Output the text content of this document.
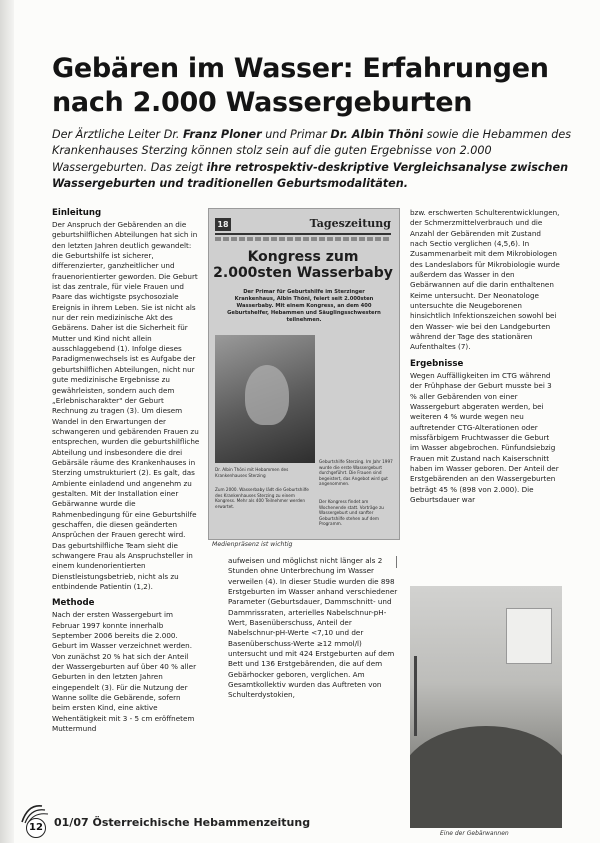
Gebären im Wasser: Erfahrungen nach 2.000 Wassergeburten

Der Ärztliche Leiter Dr. Franz Ploner und Primar Dr. Albin Thöni sowie die Hebammen des Krankenhauses Sterzing können stolz sein auf die guten Ergebnisse von 2.000 Wassergeburten. Das zeigt ihre retrospektiv-deskriptive Vergleichsanalyse zwischen Wassergeburten und traditionellen Geburtsmodalitäten.

Einleitung

Der Anspruch der Gebärenden an die geburtshilflichen Abteilungen hat sich in den letzten Jahren deutlich gewandelt: die Geburtshilfe ist sicherer, differenzierter, ganzheitlicher und frauenorientierter geworden. Die Geburt ist das zentrale, für viele Frauen und Paare das wichtigste psychosoziale Ereignis in ihrem Leben. Sie ist nicht als nur der rein medizinische Akt des Gebärens. Daher ist die Sicherheit für Mutter und Kind nicht allein ausschlaggebend (1). Infolge dieses Paradigmenwechsels ist es Aufgabe der geburtshilflichen Abteilungen, nicht nur gute medizinische Ergebnisse zu gewährleisten, sondern auch dem „Erlebnischarakter" der Geburt Rechnung zu tragen (3). Um diesem Wandel in den Erwartungen der schwangeren und gebärenden Frauen zu entsprechen, wurden die geburtshilfliche Abteilung und insbesondere die drei Gebärsäle räume des Krankenhauses in Sterzing umstrukturiert (2). Es galt, das Ambiente einladend und angenehm zu gestalten. Mit der Installation einer Gebärwanne wurde die Rahmenbedingung für eine Geburtshilfe geschaffen, die diesen geänderten Ansprüchen der Frauen gerecht wird. Das geburtshilfliche Team sieht die schwangere Frau als Anspruchsteller in einem kundenorientierten Dienstleistungsbetrieb, nicht als zu entbindende Patientin (1,2).

Methode

Nach der ersten Wassergeburt im Februar 1997 konnte innerhalb September 2006 bereits die 2.000. Geburt im Wasser verzeichnet werden. Von zunächst 20 % hat sich der Anteil der Wassergeburten auf über 40 % aller Geburten in den letzten Jahren eingependelt (3). Für die Nutzung der Wanne sollte die Gebärende, sofern beim ersten Kind, eine aktive Wehentätigkeit mit 3 - 5 cm eröffnetem Muttermund

18	Tageszeitung
Kongress zum 2.000sten Wasserbaby
Der Primar für Geburtshilfe im Sterzinger Krankenhaus, Albin Thöni, feiert seit 2.000sten Wasserbaby. Mit einem Kongress, an dem 400 Geburtshelfer, Hebammen und Säuglingsschwestern teilnehmen.
Geburtshilfe Sterzing. Im Jahr 1997 wurde die erste Wassergeburt durchgeführt. Die Frauen sind begeistert, das Angebot wird gut angenommen.
Dr. Albin Thöni mit Hebammen des Krankenhauses Sterzing
Zum 2000. Wasserbaby lädt die Geburtshilfe des Krankenhauses Sterzing zu einem Kongress. Mehr als 400 Teilnehmer werden erwartet.
Der Kongress findet am Wochenende statt. Vorträge zu Wassergeburt und sanfter Geburtshilfe stehen auf dem Programm.
Medienpräsenz ist wichtig

aufweisen und möglichst nicht länger als 2 Stunden ohne Unterbrechung im Wasser verweilen (4). In dieser Studie wurden die 898 Erstgeburten im Wasser anhand verschiedener Parameter (Geburtsdauer, Dammschnitt- und Dammrissraten, arterielles Nabelschnur-pH-Wert, Basenüberschuss, Anteil der Nabelschnur-pH-Werte <7,10 und der Basenüberschuss-Werte ≥12 mmol/l) untersucht und mit 424 Erstgeburten auf dem Bett und 136 Erstgebärenden, die auf dem Gebärhocker geboren, verglichen. Am Gesamtkollektiv wurden das Auftreten von Schulterdystokien,

bzw. erschwerten Schulterentwicklungen, der Schmerzmittelverbrauch und die Anzahl der Gebärenden mit Zustand nach Sectio verglichen (4,5,6). In Zusammenarbeit mit dem Mikrobiologen des Landeslabors für Mikrobiologie wurde außerdem das Wasser in den Gebärwannen auf die darin enthaltenen Keime untersucht. Der Neonatologe untersuchte die Neugeborenen hinsichtlich Infektionszeichen sowohl bei den Wasser- wie bei den Landgeburten während der Tage des stationären Aufenthaltes (7).

Ergebnisse

Wegen Auffälligkeiten im CTG während der Frühphase der Geburt musste bei 3 % aller Gebärenden von einer Wassergeburt abgeraten werden, bei weiteren 4 % wurde wegen neu auftretender CTG-Alterationen oder missfärbigem Fruchtwasser die Geburt im Wasser abgebrochen. Fünfundsiebzig Frauen mit Zustand nach Kaiserschnitt haben im Wasser geboren. Der Anteil der Erstgebärenden an den Wassergeburten beträgt 45 % (898 von 2.000). Die Geburtsdauer war

Eine der Gebärwannen
12 01/07 Österreichische Hebammenzeitung
